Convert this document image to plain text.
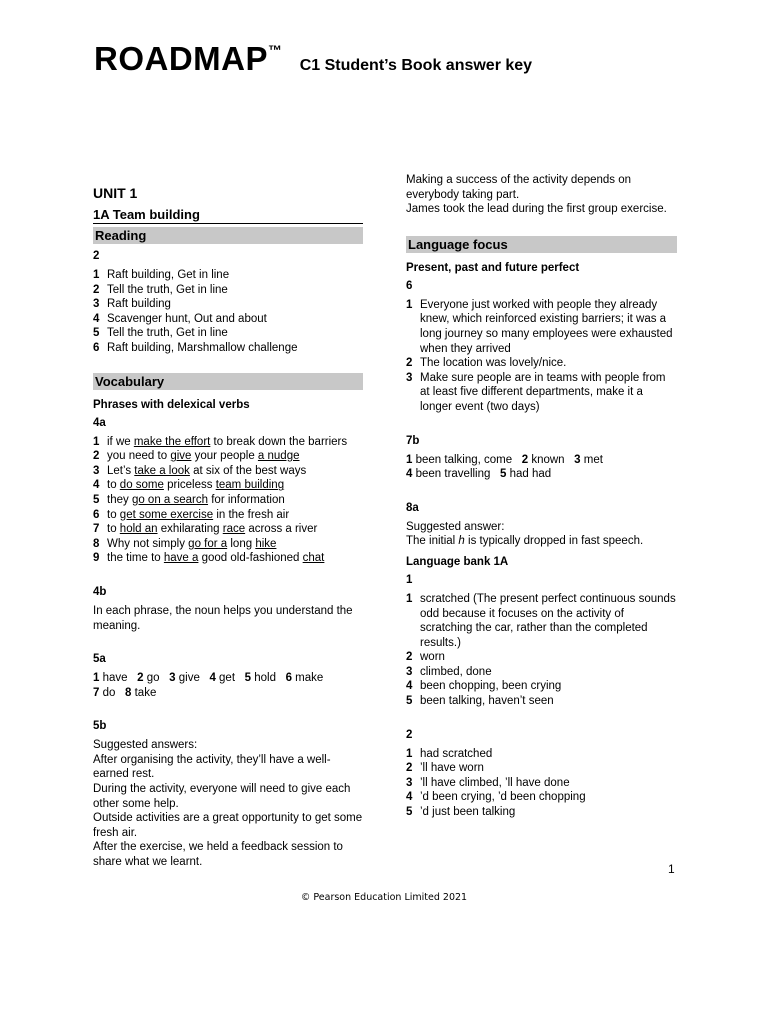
ROADMAP™ C1 Student’s Book answer key
UNIT 1
1A Team building
Reading
2
1 Raft building, Get in line
2 Tell the truth, Get in line
3 Raft building
4 Scavenger hunt, Out and about
5 Tell the truth, Get in line
6 Raft building, Marshmallow challenge
Vocabulary
Phrases with delexical verbs
4a
1 if we make the effort to break down the barriers
2 you need to give your people a nudge
3 Let’s take a look at six of the best ways
4 to do some priceless team building
5 they go on a search for information
6 to get some exercise in the fresh air
7 to hold an exhilarating race across a river
8 Why not simply go for a long hike
9 the time to have a good old-fashioned chat
4b
In each phrase, the noun helps you understand the meaning.
5a
1 have 2 go 3 give 4 get 5 hold 6 make
7 do 8 take
5b
Suggested answers:
After organising the activity, they’ll have a well-earned rest.
During the activity, everyone will need to give each other some help.
Outside activities are a great opportunity to get some fresh air.
After the exercise, we held a feedback session to share what we learnt.
Making a success of the activity depends on everybody taking part.
James took the lead during the first group exercise.
Language focus
Present, past and future perfect
6
1 Everyone just worked with people they already knew, which reinforced existing barriers; it was a long journey so many employees were exhausted when they arrived
2 The location was lovely/nice.
3 Make sure people are in teams with people from at least five different departments, make it a longer event (two days)
7b
1 been talking, come 2 known 3 met
4 been travelling 5 had had
8a
Suggested answer:
The initial h is typically dropped in fast speech.
Language bank 1A
1
1 scratched (The present perfect continuous sounds odd because it focuses on the activity of scratching the car, rather than the completed results.)
2 worn
3 climbed, done
4 been chopping, been crying
5 been talking, haven’t seen
2
1 had scratched
2 ’ll have worn
3 ’ll have climbed, ’ll have done
4 ’d been crying, ’d been chopping
5 ’d just been talking
1
© Pearson Education Limited 2021
